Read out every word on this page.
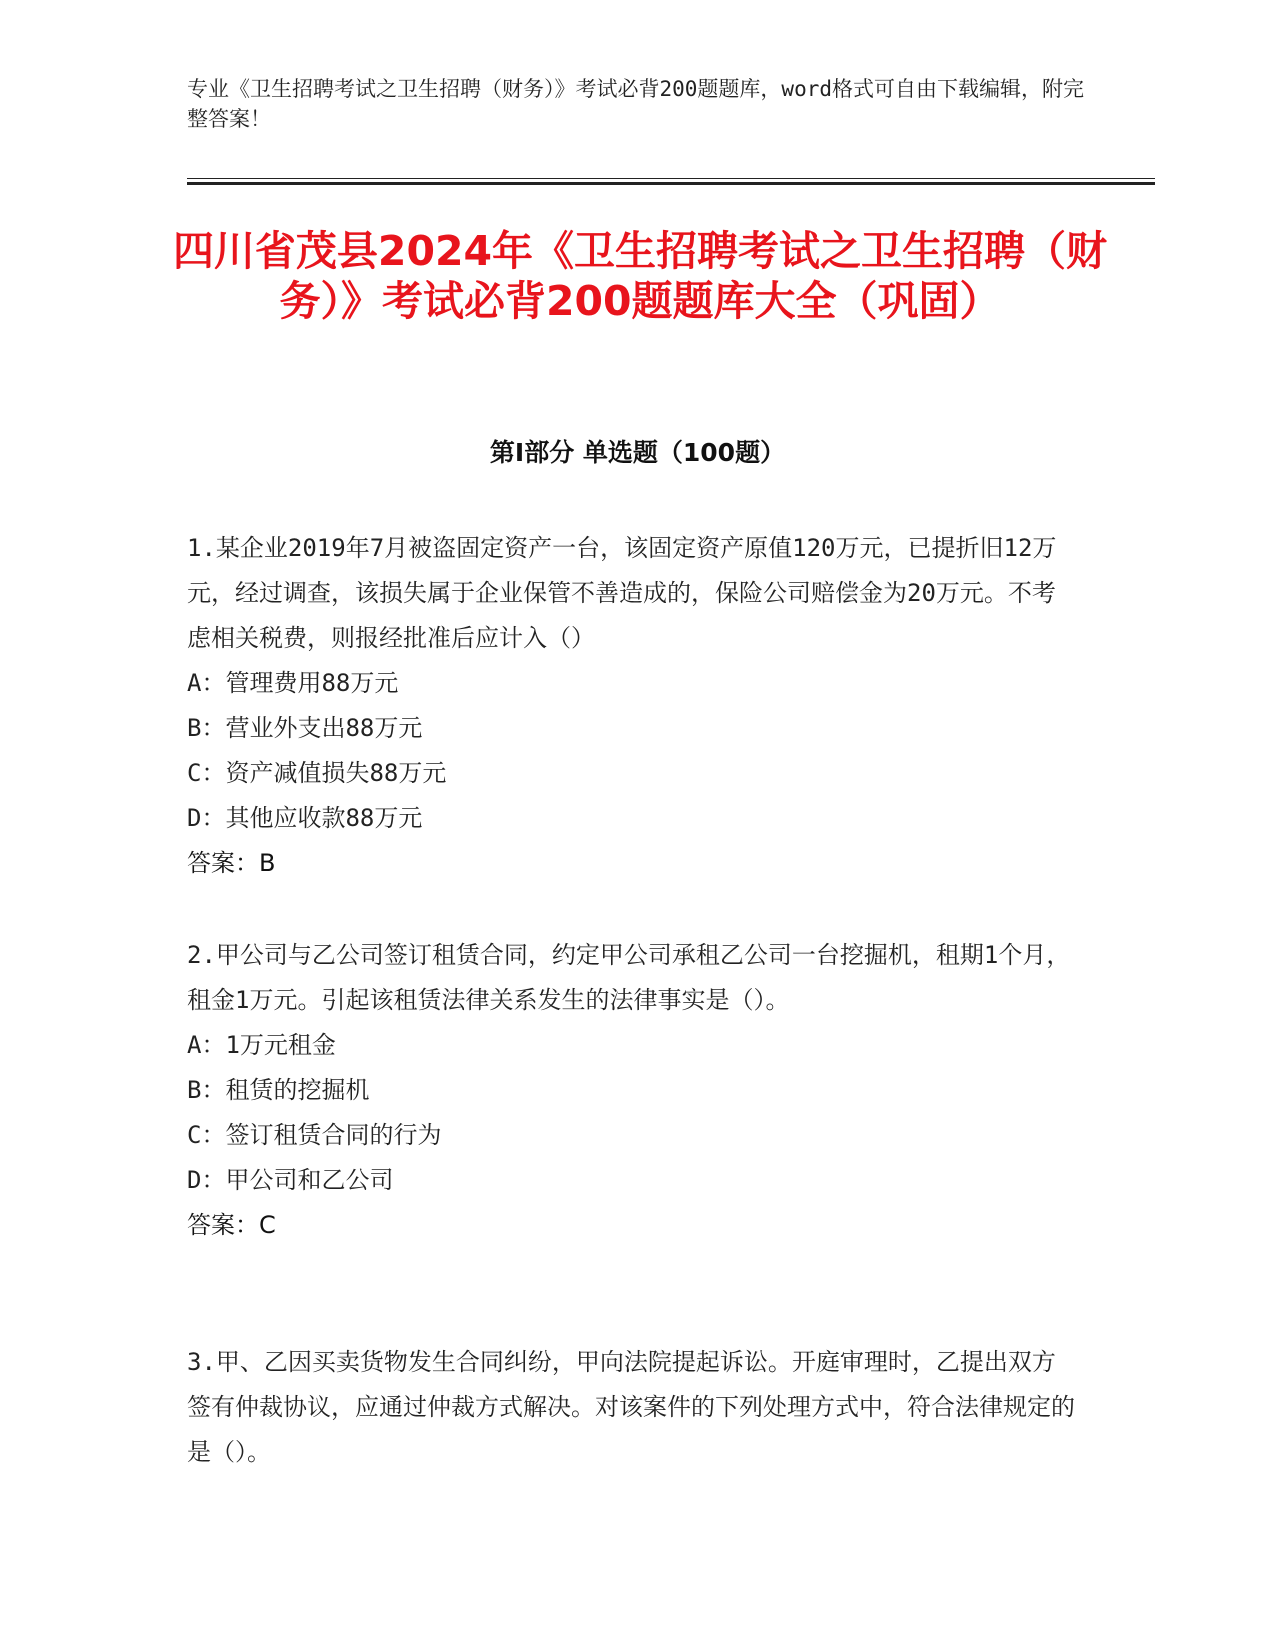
专业《卫生招聘考试之卫生招聘（财务）》考试必背200题题库，word格式可自由下载编辑，附完整答案！
四川省茂县2024年《卫生招聘考试之卫生招聘（财务）》考试必背200题题库大全（巩固）
第I部分 单选题（100题）

1.某企业2019年7月被盗固定资产一台，该固定资产原值120万元，已提折旧12万元，经过调查，该损失属于企业保管不善造成的，保险公司赔偿金为20万元。不考虑相关税费，则报经批准后应计入（）

A：管理费用88万元

B：营业外支出88万元

C：资产减值损失88万元

D：其他应收款88万元

答案：B

2.甲公司与乙公司签订租赁合同，约定甲公司承租乙公司一台挖掘机，租期1个月，租金1万元。引起该租赁法律关系发生的法律事实是（）。

A：1万元租金

B：租赁的挖掘机

C：签订租赁合同的行为

D：甲公司和乙公司

答案：C

3.甲、乙因买卖货物发生合同纠纷，甲向法院提起诉讼。开庭审理时，乙提出双方签有仲裁协议，应通过仲裁方式解决。对该案件的下列处理方式中，符合法律规定的是（）。
